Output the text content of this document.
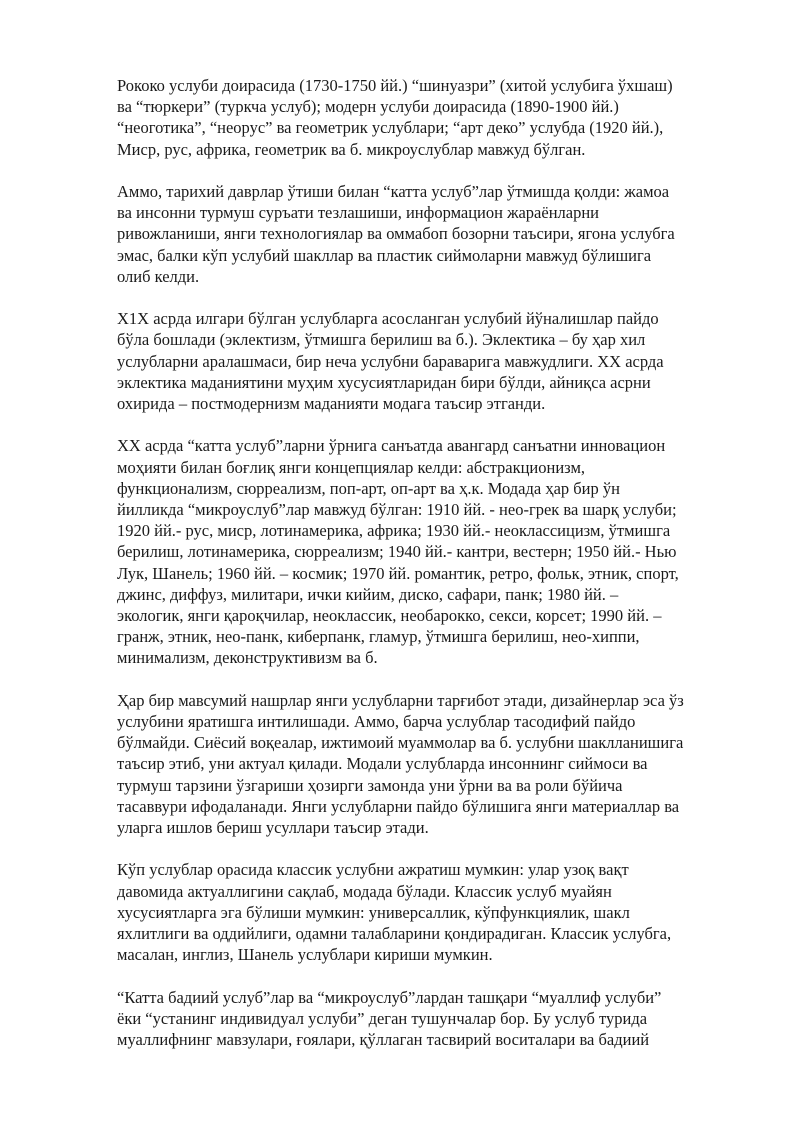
Рококо услуби доирасида (1730-1750 йй.) “шинуазри” (хитой услубига ўхшаш)
ва “тюркери” (туркча услуб); модерн услуби доирасида (1890-1900 йй.)
“неоготика”, “неорус” ва геометрик услублари; “арт деко” услубда (1920 йй.),
Миср, рус, африка, геометрик ва б. микроуслублар мавжуд бўлган.

Аммо, тарихий даврлар ўтиши билан “катта услуб”лар ўтмишда қолди: жамоа
ва инсонни турмуш суръати тезлашиши, информацион жараёнларни
ривожланиши, янги технологиялар ва оммабоп бозорни таъсири, ягона услубга
эмас, балки кўп услубий шакллар ва пластик сиймоларни мавжуд бўлишига
олиб келди.

Х1Х асрда илгари бўлган услубларга асосланган услубий йўналишлар пайдо
бўла бошлади (эклектизм, ўтмишга берилиш ва б.). Эклектика – бу ҳар хил
услубларни аралашмаси, бир неча услубни бараваригa мавжудлиги. ХХ асрда
эклектика маданиятини муҳим хусусиятларидан бири бўлди, айниқса асрни
охирида – постмодернизм маданияти модага таъсир этганди.

ХХ асрда “катта услуб”ларни ўрнига санъатда авангард санъатни инновацион
моҳияти билан боғлиқ янги концепциялар келди: абстракционизм,
функционализм, сюрреализм, поп-арт, оп-арт ва ҳ.к. Модада ҳар бир ўн
йилликда “микроуслуб”лар мавжуд бўлган: 1910 йй. - нео-грек ва шарқ услуби;
1920 йй.- рус, миср, лотинамерика, африка; 1930 йй.- неоклассицизм, ўтмишга
берилиш, лотинамерика, сюрреализм; 1940 йй.- кантри, вестерн; 1950 йй.- Нью
Лук, Шанель; 1960 йй. – космик; 1970 йй. романтик, ретро, фольк, этник, спорт,
джинс, диффуз, милитари, ички кийим, диско, сафари, панк; 1980 йй. –
экологик, янги қароқчилар, неоклассик, необарокко, секси, корсет; 1990 йй. –
гранж, этник, нео-панк, киберпанк, гламур, ўтмишга берилиш, нео-хиппи,
минимализм, деконструктивизм ва б.

Ҳар бир мавсумий нашрлар янги услубларни тарғибот этади, дизайнерлар эса ўз
услубини яратишга интилишади. Аммо, барча услублар тасодифий пайдо
бўлмайди. Сиёсий воқеалар, ижтимоий муаммолар ва б. услубни шаклланишига
таъсир этиб, уни актуал қилади. Модали услубларда инсоннинг сиймоси ва
турмуш тарзини ўзгариши ҳозирги замонда уни ўрни ва ва роли бўйича
тасаввури ифодаланади. Янги услубларни пайдо бўлишига янги материаллар ва
уларга ишлов бериш усуллари таъсир этади.

Кўп услублар орасида классик услубни ажратиш мумкин: улар узоқ вақт
давомида актуаллигини сақлаб, модада бўлади. Классик услуб муайян
хусусиятларга эга бўлиши мумкин: универсаллик, кўпфункциялик, шакл
яхлитлиги ва оддийлиги, одамни талабларини қондирадиган. Классик услубга,
масалан, инглиз, Шанель услублари кириши мумкин.

“Катта бадиий услуб”лар ва “микроуслуб”лардан ташқари “муаллиф услуби”
ёки “устанинг индивидуал услуби” деган тушунчалар бор. Бу услуб турида
муаллифнинг мавзулари, ғоялари, қўллаган тасвирий воситалари ва бадиий
